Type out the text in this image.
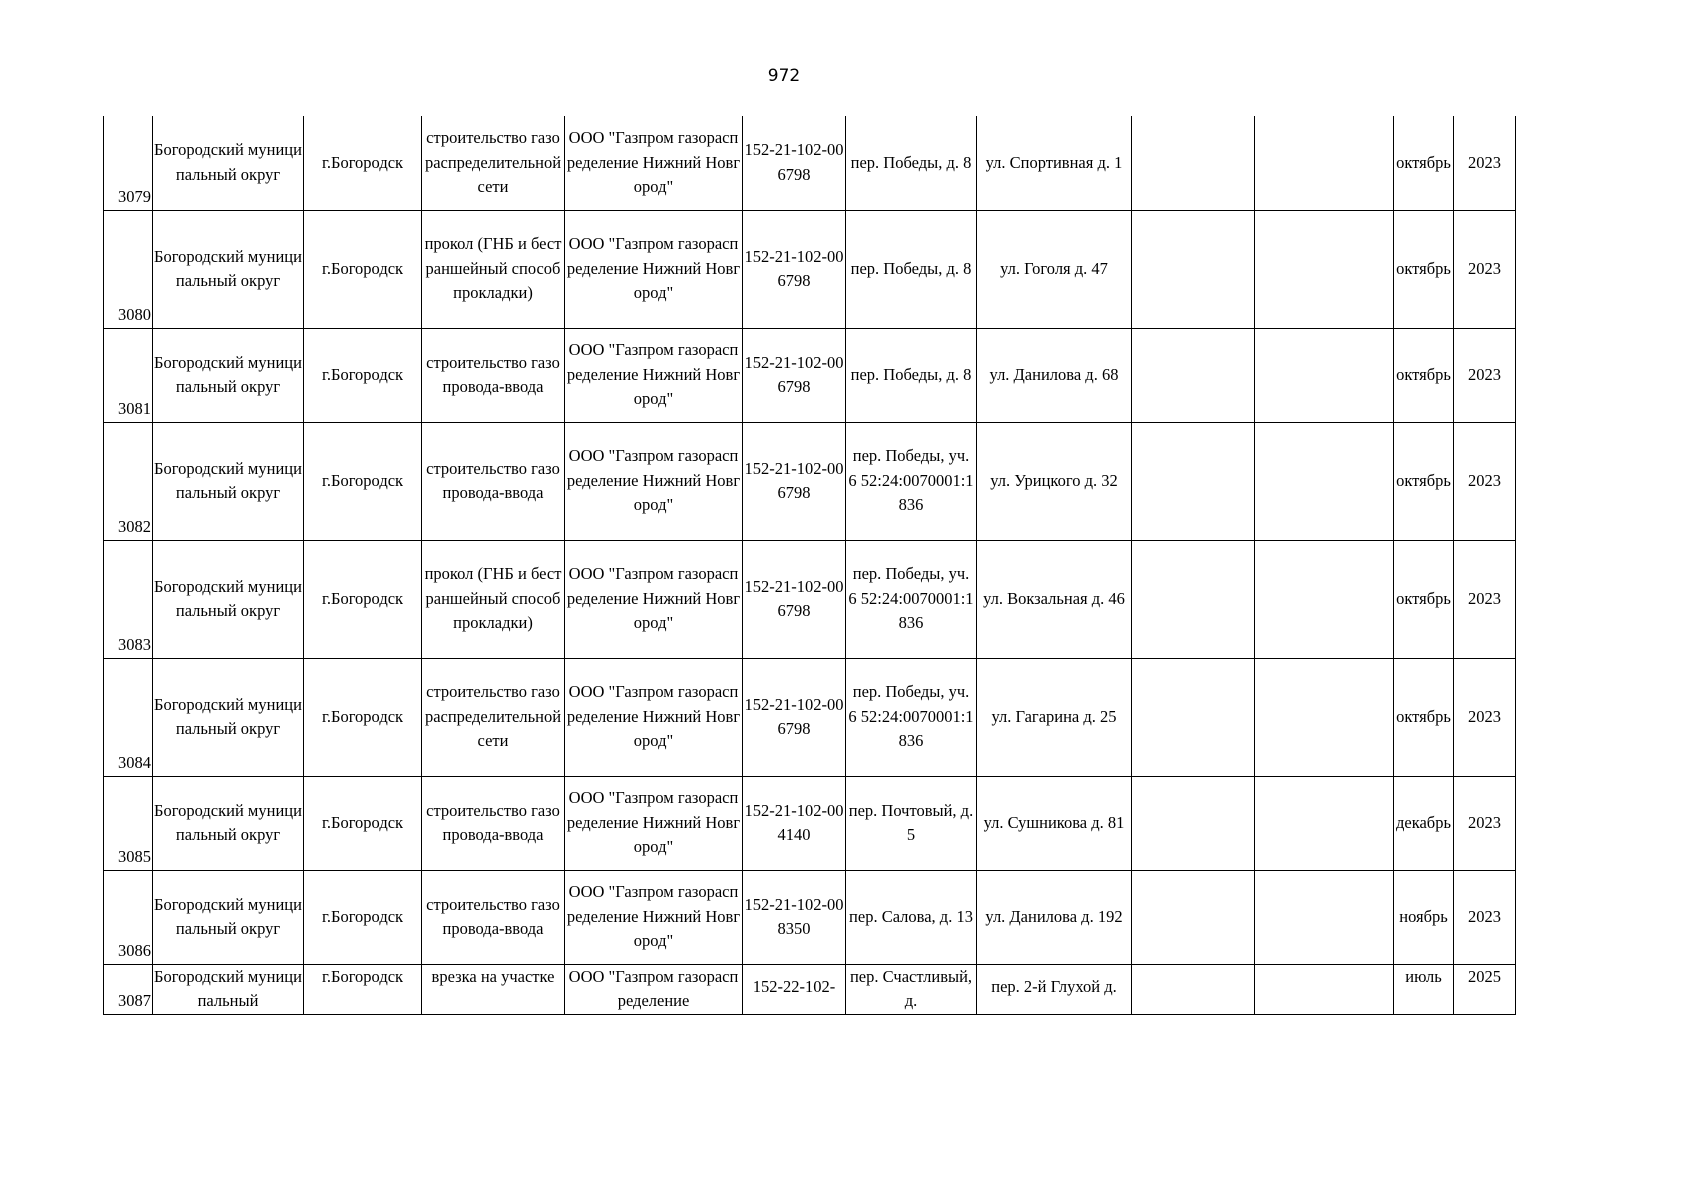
972
3079	Богородский муниципальный округ	г.Богородск	строительство газораспределительной сети	ООО "Газпром газораспределение Нижний Новгород"	152-21-102-006798	пер. Победы, д. 8	ул. Спортивная д. 1			октябрь	2023
3080	Богородский муниципальный округ	г.Богородск	прокол (ГНБ и бестраншейный способ прокладки)	ООО "Газпром газораспределение Нижний Новгород"	152-21-102-006798	пер. Победы, д. 8	ул. Гоголя д. 47			октябрь	2023
3081	Богородский муниципальный округ	г.Богородск	строительство газопровода-ввода	ООО "Газпром газораспределение Нижний Новгород"	152-21-102-006798	пер. Победы, д. 8	ул. Данилова д. 68			октябрь	2023
3082	Богородский муниципальный округ	г.Богородск	строительство газопровода-ввода	ООО "Газпром газораспределение Нижний Новгород"	152-21-102-006798	пер. Победы, уч. 6 52:24:0070001:1836	ул. Урицкого д. 32			октябрь	2023
3083	Богородский муниципальный округ	г.Богородск	прокол (ГНБ и бестраншейный способ прокладки)	ООО "Газпром газораспределение Нижний Новгород"	152-21-102-006798	пер. Победы, уч. 6 52:24:0070001:1836	ул. Вокзальная д. 46			октябрь	2023
3084	Богородский муниципальный округ	г.Богородск	строительство газораспределительной сети	ООО "Газпром газораспределение Нижний Новгород"	152-21-102-006798	пер. Победы, уч. 6 52:24:0070001:1836	ул. Гагарина д. 25			октябрь	2023
3085	Богородский муниципальный округ	г.Богородск	строительство газопровода-ввода	ООО "Газпром газораспределение Нижний Новгород"	152-21-102-004140	пер. Почтовый, д. 5	ул. Сушникова д. 81			декабрь	2023
3086	Богородский муниципальный округ	г.Богородск	строительство газопровода-ввода	ООО "Газпром газораспределение Нижний Новгород"	152-21-102-008350	пер. Салова, д. 13	ул. Данилова д. 192			ноябрь	2023
3087	Богородский муниципальный	г.Богородск	врезка на участке	ООО "Газпром газораспределение	152-22-102-	пер. Счастливый, д.	пер. 2-й Глухой д.			июль	2025
